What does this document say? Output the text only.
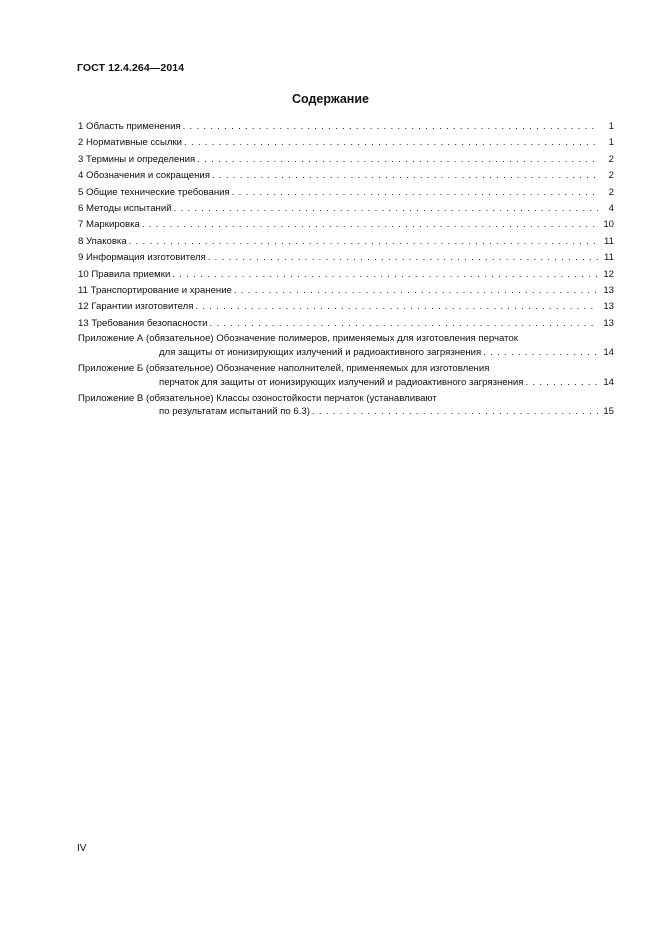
ГОСТ 12.4.264—2014
Содержание
1 Область применения . . .	1
2 Нормативные ссылки . . .	1
3 Термины и определения . . .	2
4 Обозначения и сокращения . . .	2
5 Общие технические требования . . .	2
6 Методы испытаний . . .	4
7 Маркировка . . .	10
8 Упаковка . . .	11
9 Информация изготовителя . . .	11
10 Правила приемки . . .	12
11 Транспортирование и хранение . . .	13
12 Гарантии изготовителя . . .	13
13 Требования безопасности . . .	13
Приложение А (обязательное) Обозначение полимеров, применяемых для изготовления перчаток
для защиты от ионизирующих излучений и радиоактивного загрязнения . . .	14
Приложение Б (обязательное) Обозначение наполнителей, применяемых для изготовления
перчаток для защиты от ионизирующих излучений и радиоактивного загрязнения . . .	14
Приложение В (обязательное) Классы озоностойкости перчаток (устанавливают
по результатам испытаний по 6.3) . . .	15
IV
